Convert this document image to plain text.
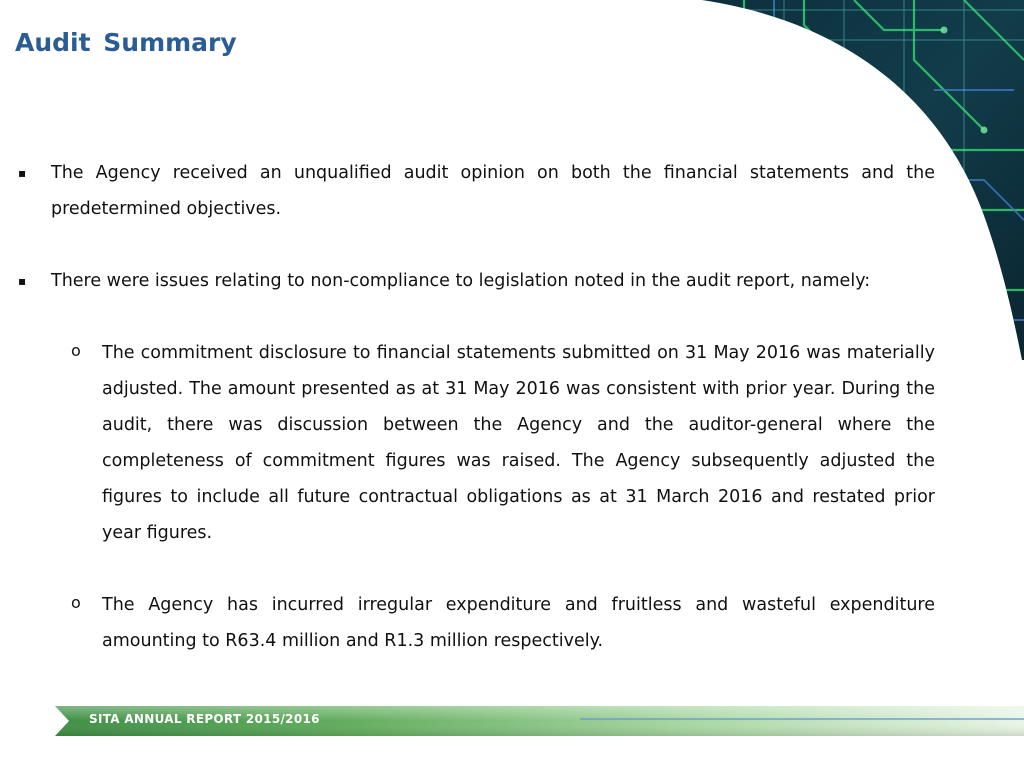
Audit Summary
▪ The Agency received an unqualified audit opinion on both the financial statements and the predetermined objectives.
▪ There were issues relating to non-compliance to legislation noted in the audit report, namely:
o The commitment disclosure to financial statements submitted on 31 May 2016 was materially adjusted. The amount presented as at 31 May 2016 was consistent with prior year. During the audit, there was discussion between the Agency and the auditor-general where the completeness of commitment figures was raised. The Agency subsequently adjusted the figures to include all future contractual obligations as at 31 March 2016 and restated prior year figures.
o The Agency has incurred irregular expenditure and fruitless and wasteful expenditure amounting to R63.4 million and R1.3 million respectively.
SITA ANNUAL REPORT 2015/2016
